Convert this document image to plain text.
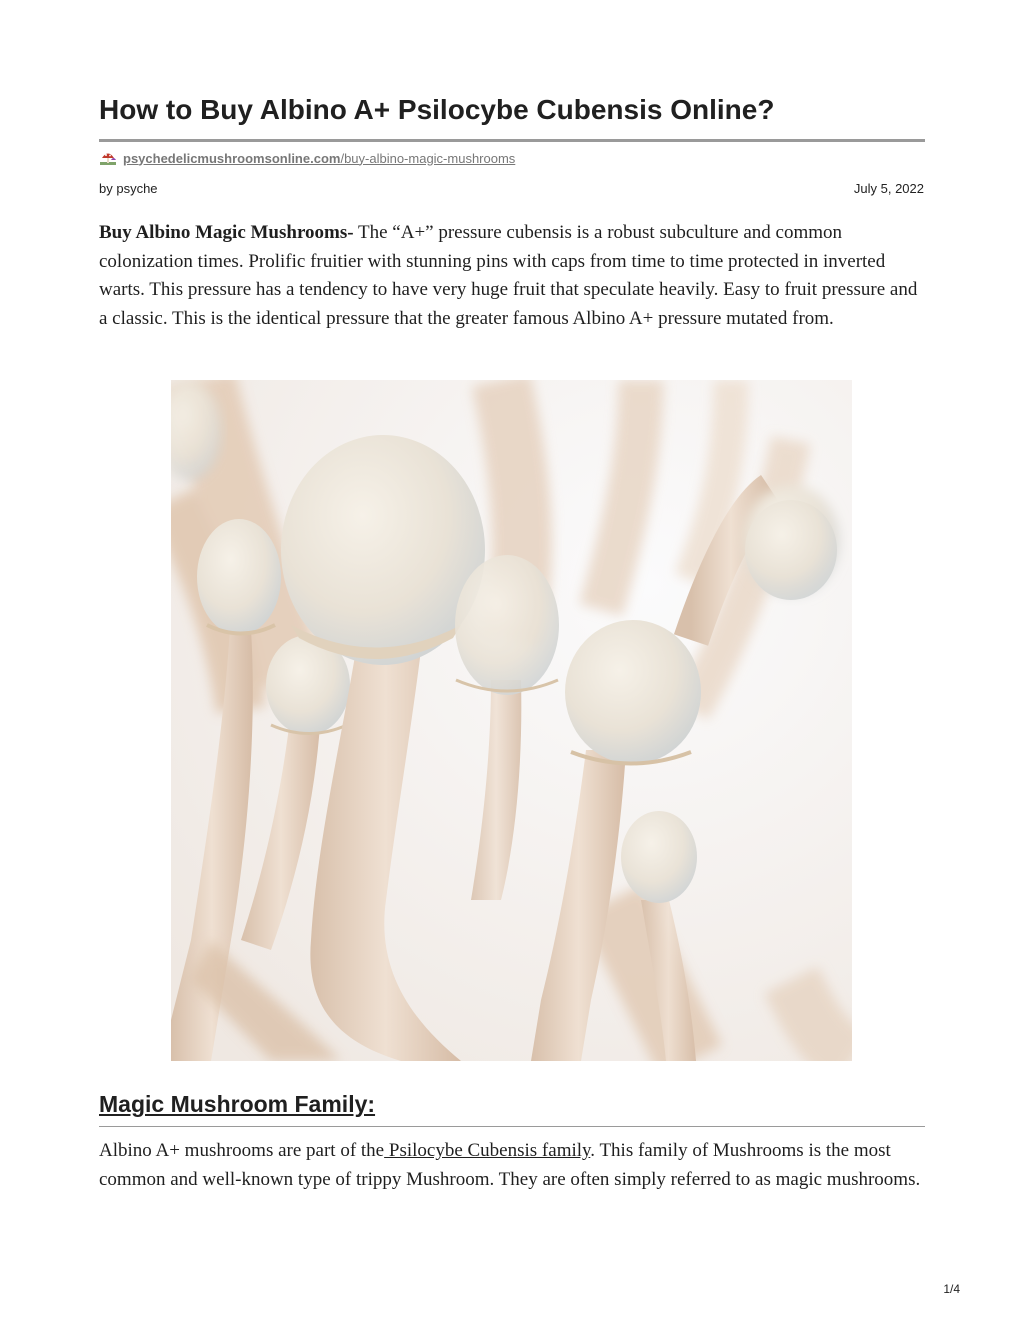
How to Buy Albino A+ Psilocybe Cubensis Online?
psychedelicmushroomsonline.com/buy-albino-magic-mushrooms
by psyche	July 5, 2022

Buy Albino Magic Mushrooms- The “A+” pressure cubensis is a robust subculture and common colonization times. Prolific fruitier with stunning pins with caps from time to time protected in inverted warts. This pressure has a tendency to have very huge fruit that speculate heavily. Easy to fruit pressure and a classic. This is the identical pressure that the greater famous Albino A+ pressure mutated from.

Magic Mushroom Family:

Albino A+ mushrooms are part of the Psilocybe Cubensis family. This family of Mushrooms is the most common and well-known type of trippy Mushroom. They are often simply referred to as magic mushrooms.

1/4
